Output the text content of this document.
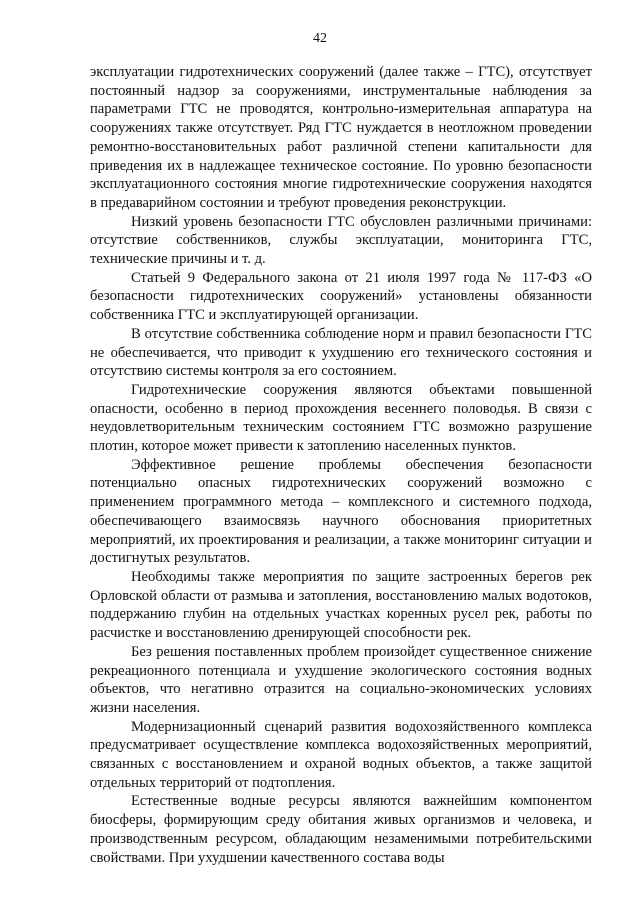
42

эксплуатации гидротехнических сооружений (далее также – ГТС), отсутствует постоянный надзор за сооружениями, инструментальные наблюдения за параметрами ГТС не проводятся, контрольно-измерительная аппаратура на сооружениях также отсутствует. Ряд ГТС нуждается в неотложном проведении ремонтно-восстановительных работ различной степени капитальности для приведения их в надлежащее техническое состояние. По уровню безопасности эксплуатационного состояния многие гидротехнические сооружения находятся в предаварийном состоянии и требуют проведения реконструкции.

Низкий уровень безопасности ГТС обусловлен различными причинами: отсутствие собственников, службы эксплуатации, мониторинга ГТС, технические причины и т. д.

Статьей 9 Федерального закона от 21 июля 1997 года № 117-ФЗ «О безопасности гидротехнических сооружений» установлены обязанности собственника ГТС и эксплуатирующей организации.

В отсутствие собственника соблюдение норм и правил безопасности ГТС не обеспечивается, что приводит к ухудшению его технического состояния и отсутствию системы контроля за его состоянием.

Гидротехнические сооружения являются объектами повышенной опасности, особенно в период прохождения весеннего половодья. В связи с неудовлетворительным техническим состоянием ГТС возможно разрушение плотин, которое может привести к затоплению населенных пунктов.

Эффективное решение проблемы обеспечения безопасности потенциально опасных гидротехнических сооружений возможно с применением программного метода – комплексного и системного подхода, обеспечивающего взаимосвязь научного обоснования приоритетных мероприятий, их проектирования и реализации, а также мониторинг ситуации и достигнутых результатов.

Необходимы также мероприятия по защите застроенных берегов рек Орловской области от размыва и затопления, восстановлению малых водотоков, поддержанию глубин на отдельных участках коренных русел рек, работы по расчистке и восстановлению дренирующей способности рек.

Без решения поставленных проблем произойдет существенное снижение рекреационного потенциала и ухудшение экологического состояния водных объектов, что негативно отразится на социально-экономических условиях жизни населения.

Модернизационный сценарий развития водохозяйственного комплекса предусматривает осуществление комплекса водохозяйственных мероприятий, связанных с восстановлением и охраной водных объектов, а также защитой отдельных территорий от подтопления.

Естественные водные ресурсы являются важнейшим компонентом биосферы, формирующим среду обитания живых организмов и человека, и производственным ресурсом, обладающим незаменимыми потребительскими свойствами. При ухудшении качественного состава воды
